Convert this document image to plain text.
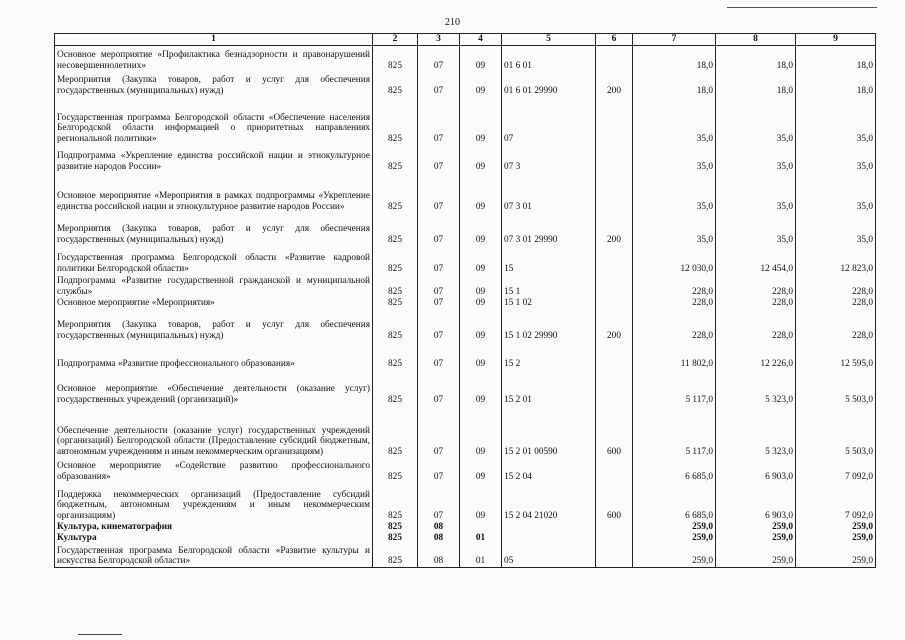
210
1	2	3	4	5	6	7	8	9
Основное мероприятие «Профилактика безнадзорности и правонарушений несовершеннолетних»	825	07	09	01 6 01		18,0	18,0	18,0
Мероприятия (Закупка товаров, работ и услуг для обеспечения государственных (муниципальных) нужд)	825	07	09	01 6 01 29990	200	18,0	18,0	18,0
Государственная программа Белгородской области «Обеспечение населения Белгородской области информацией о приоритетных направлениях региональной политики»	825	07	09	07		35,0	35,0	35,0
Подпрограмма «Укрепление единства российской нации и этнокультурное развитие народов России»	825	07	09	07 3		35,0	35,0	35,0
Основное мероприятие «Мероприятия в рамках подпрограммы «Укрепление единства российской нации и этнокультурное развитие народов России»	825	07	09	07 3 01		35,0	35,0	35,0
Мероприятия (Закупка товаров, работ и услуг для обеспечения государственных (муниципальных) нужд)	825	07	09	07 3 01 29990	200	35,0	35,0	35,0
Государственная программа Белгородской области «Развитие кадровой политики Белгородской области»	825	07	09	15		12 030,0	12 454,0	12 823,0
Подпрограмма «Развитие государственной гражданской и муниципальной службы»	825	07	09	15 1		228,0	228,0	228,0
Основное мероприятие «Мероприятия»	825	07	09	15 1 02		228,0	228,0	228,0
Мероприятия (Закупка товаров, работ и услуг для обеспечения государственных (муниципальных) нужд)	825	07	09	15 1 02 29990	200	228,0	228,0	228,0
Подпрограмма «Развитие профессионального образования»	825	07	09	15 2		11 802,0	12 226,0	12 595,0
Основное мероприятие «Обеспечение деятельности (оказание услуг) государственных учреждений (организаций)»	825	07	09	15 2 01		5 117,0	5 323,0	5 503,0
Обеспечение деятельности (оказание услуг) государственных учреждений (организаций) Белгородской области (Предоставление субсидий бюджетным, автономным учреждениям и иным некоммерческим организациям)	825	07	09	15 2 01 00590	600	5 117,0	5 323,0	5 503,0
Основное мероприятие «Содействие развитию профессионального образования»	825	07	09	15 2 04		6 685,0	6 903,0	7 092,0
Поддержка некоммерческих организаций (Предоставление субсидий бюджетным, автономным учреждениям и иным некоммерческим организациям)	825	07	09	15 2 04 21020	600	6 685,0	6 903,0	7 092,0
Культура, кинематография	825	08				259,0	259,0	259,0
Культура	825	08	01			259,0	259,0	259,0
Государственная программа Белгородской области «Развитие культуры и искусства Белгородской области»	825	08	01	05		259,0	259,0	259,0
